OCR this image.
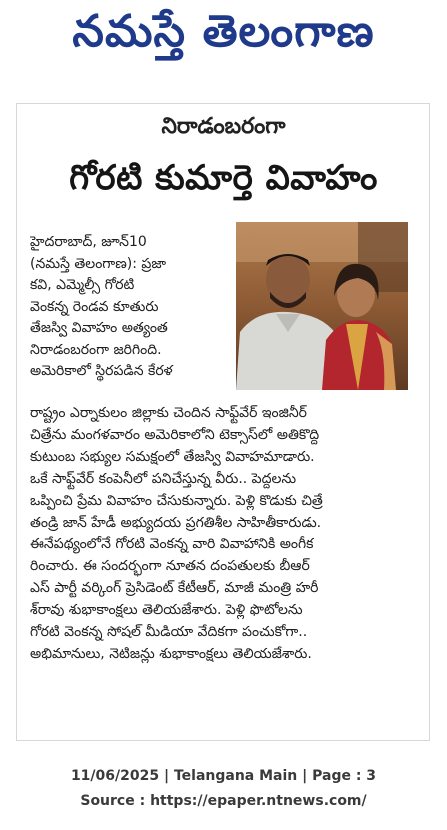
నమస్తే తెలంగాణ
నిరాడంబరంగా
గోరటి కుమార్తె వివాహం

హైదరాబాద్, జూన్10

(నమస్తే తెలంగాణ): ప్రజా

కవి, ఎమ్మెల్సీ గోరటి

వెంకన్న రెండవ కూతురు

తేజస్వి వివాహం అత్యంత

నిరాడంబరంగా జరిగింది.

అమెరికాలో స్థిరపడిన కేరళ

రాష్ట్రం ఎర్నాకులం జిల్లాకు చెందిన సాఫ్ట్‌వేర్ ఇంజినీర్

చిత్రేను మంగళవారం అమెరికాలోని టెక్సాస్‌లో అతికొద్ది

కుటుంబ సభ్యుల సమక్షంలో తేజస్వి వివాహమాడారు.

ఒకే సాఫ్ట్‌వేర్ కంపెనీలో పనిచేస్తున్న వీరు.. పెద్దలను

ఒప్పించి ప్రేమ వివాహం చేసుకున్నారు. పెళ్లి కొడుకు చిత్రే

తండ్రి జాన్ హేడీ అభ్యుదయ ప్రగతిశీల సాహితీకారుడు.

ఈనేపథ్యంలోనే గోరటి వెంకన్న వారి వివాహానికి అంగీక

రించారు. ఈ సందర్భంగా నూతన దంపతులకు బీఆర్

ఎస్ పార్టీ వర్కింగ్ ప్రెసిడెంట్ కేటీఆర్, మాజీ మంత్రి హరీ

శ్‌రావు శుభాకాంక్షలు తెలియజేశారు. పెళ్లి ఫొటోలను

గోరటి వెంకన్న సోషల్ మీడియా వేదికగా పంచుకోగా..

అభిమానులు, నెటిజన్లు శుభాకాంక్షలు తెలియజేశారు.

11/06/2025 | Telangana Main | Page : 3
Source : https://epaper.ntnews.com/
